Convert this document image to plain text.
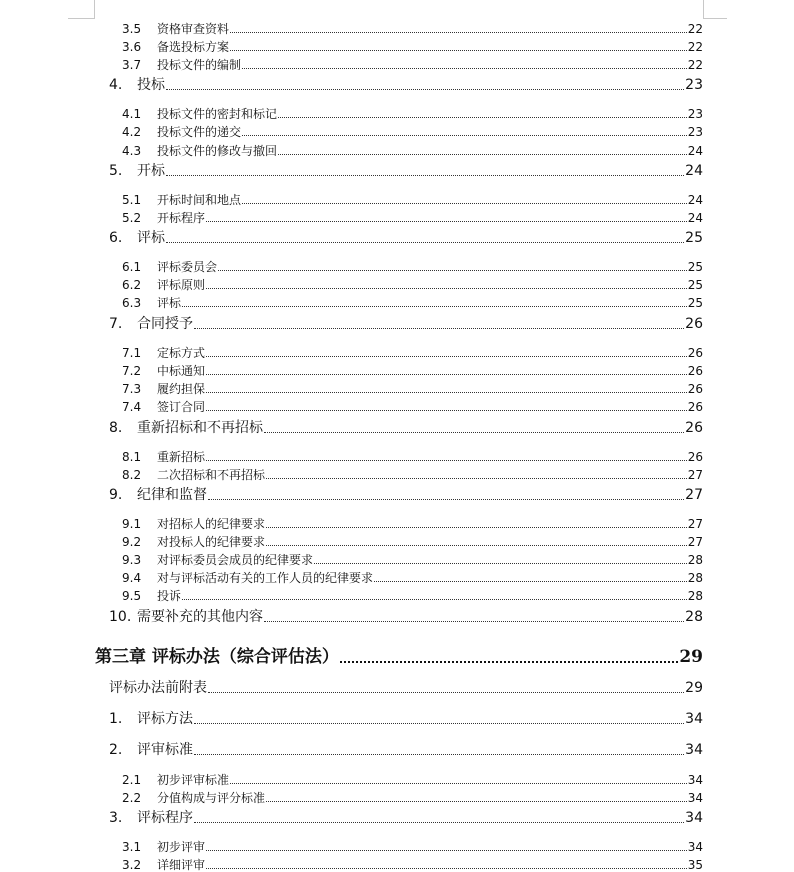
3.5	资格审查资料	22
3.6	备选投标方案	22
3.7	投标文件的编制	22
4.	投标	23
4.1	投标文件的密封和标记	23
4.2	投标文件的递交	23
4.3	投标文件的修改与撤回	24
5.	开标	24
5.1	开标时间和地点	24
5.2	开标程序	24
6.	评标	25
6.1	评标委员会	25
6.2	评标原则	25
6.3	评标	25
7.	合同授予	26
7.1	定标方式	26
7.2	中标通知	26
7.3	履约担保	26
7.4	签订合同	26
8.	重新招标和不再招标	26
8.1	重新招标	26
8.2	二次招标和不再招标	27
9.	纪律和监督	27
9.1	对招标人的纪律要求	27
9.2	对投标人的纪律要求	27
9.3	对评标委员会成员的纪律要求	28
9.4	对与评标活动有关的工作人员的纪律要求	28
9.5	投诉	28
10. 需要补充的其他内容	28
第三章 评标办法（综合评估法）	29
评标办法前附表	29
1.	评标方法	34
2.	评审标准	34
2.1	初步评审标准	34
2.2	分值构成与评分标准	34
3.	评标程序	34
3.1	初步评审	34
3.2	详细评审	35
